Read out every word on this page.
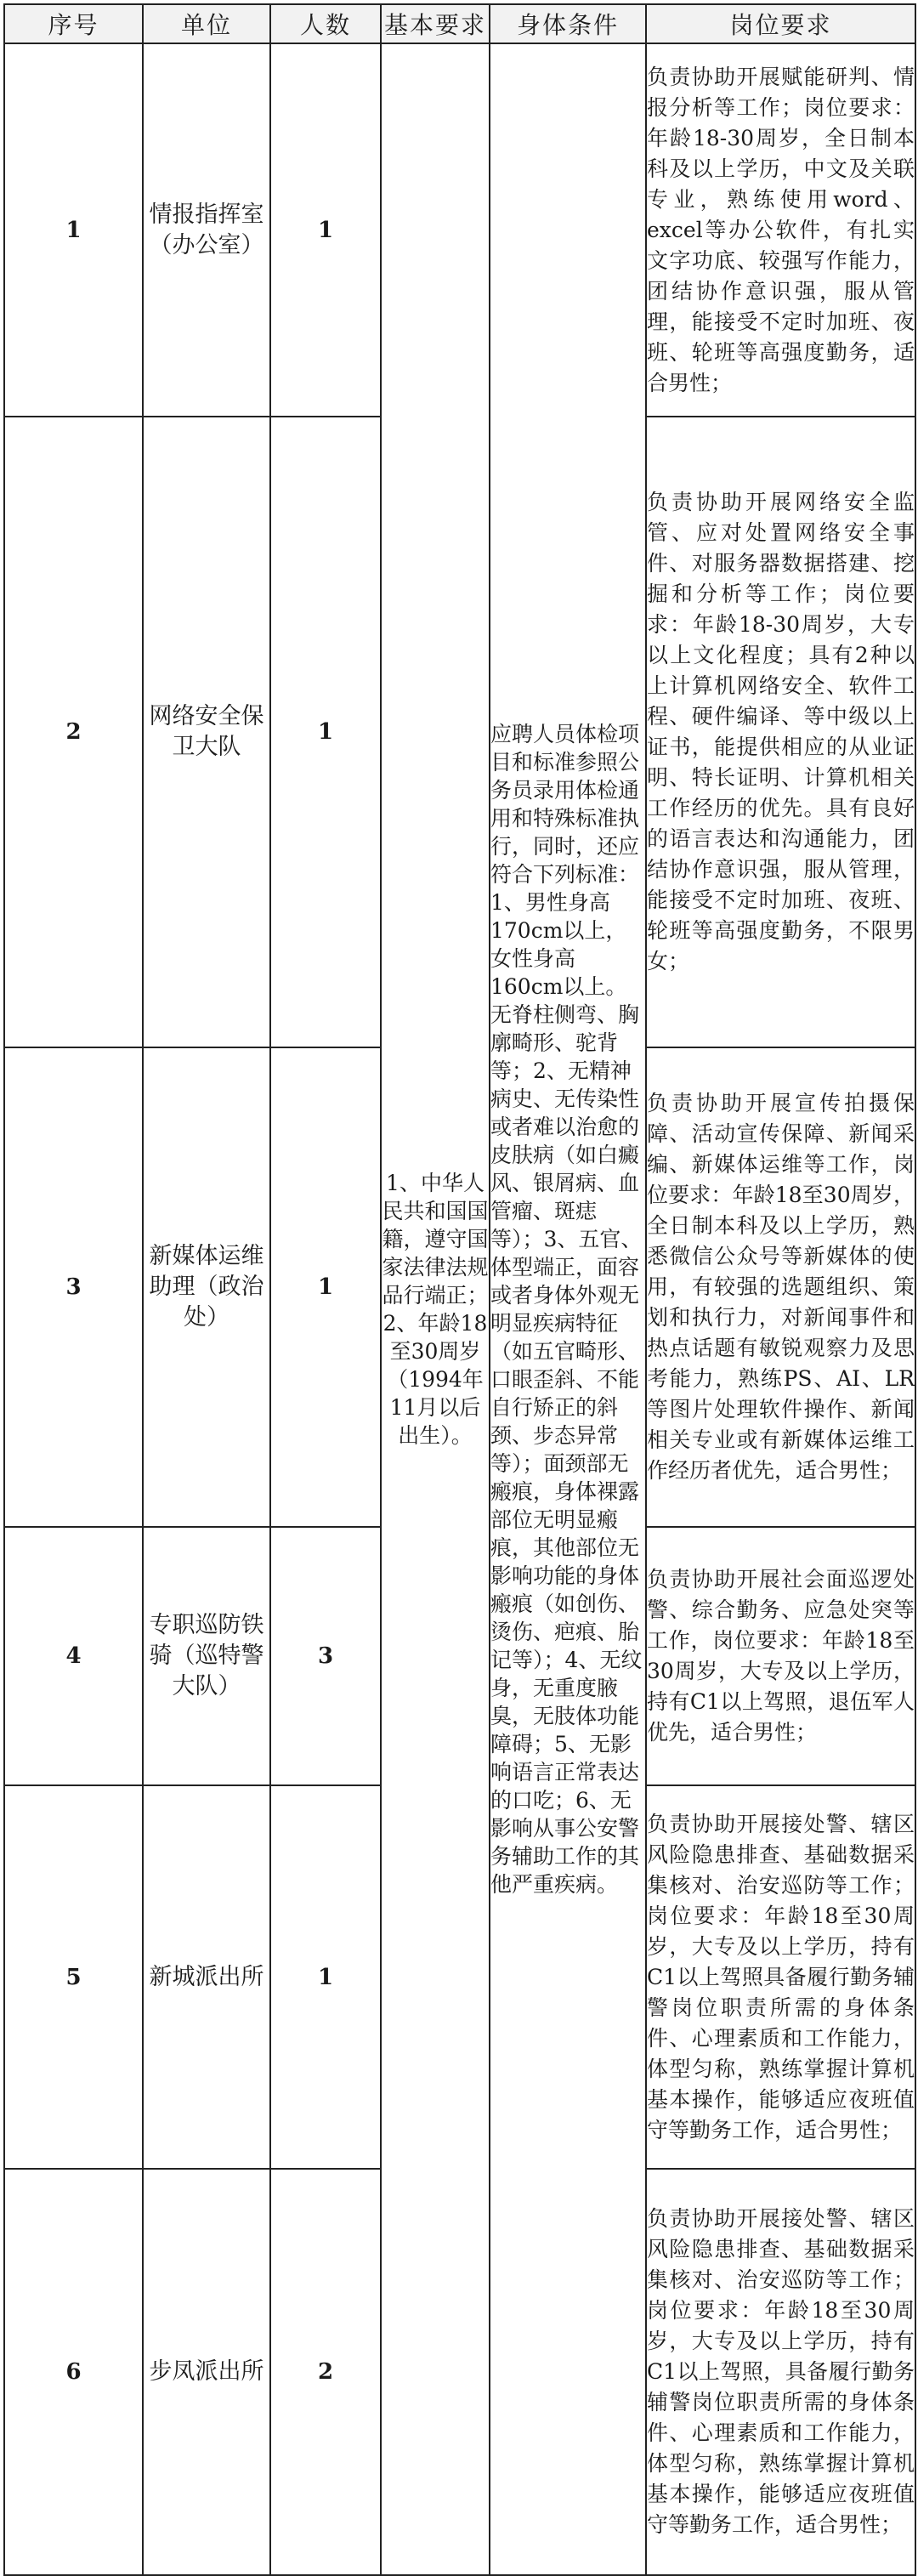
序号	单位	人数	基本要求	身体条件	岗位要求
1	情报指挥室（办公室）	1	1、中华人民共和国国籍，遵守国家法律法规品行端正；2、年龄18至30周岁（1994年11月以后出生）。	应聘人员体检项目和标准参照公务员录用体检通用和特殊标准执行，同时，还应符合下列标准：1、男性身高170cm以上，女性身高160cm以上。无脊柱侧弯、胸廓畸形、驼背等；2、无精神病史、无传染性或者难以治愈的皮肤病（如白癜风、银屑病、血管瘤、斑痣等）；3、五官、体型端正，面容或者身体外观无明显疾病特征（如五官畸形、口眼歪斜、不能自行矫正的斜颈、步态异常等）；面颈部无瘢痕，身体裸露部位无明显瘢痕，其他部位无影响功能的身体瘢痕（如创伤、烫伤、疤痕、胎记等）；4、无纹身，无重度腋臭，无肢体功能障碍；5、无影响语言正常表达的口吃；6、无影响从事公安警务辅助工作的其他严重疾病。	负责协助开展赋能研判、情报分析等工作；岗位要求：年龄18-30周岁，全日制本科及以上学历，中文及关联专业，熟练使用word、excel等办公软件，有扎实文字功底、较强写作能力，团结协作意识强，服从管理，能接受不定时加班、夜班、轮班等高强度勤务，适合男性；
2	网络安全保卫大队	1			负责协助开展网络安全监管、应对处置网络安全事件、对服务器数据搭建、挖掘和分析等工作；岗位要求：年龄18-30周岁，大专以上文化程度；具有2种以上计算机网络安全、软件工程、硬件编译、等中级以上证书，能提供相应的从业证明、特长证明、计算机相关工作经历的优先。具有良好的语言表达和沟通能力，团结协作意识强，服从管理，能接受不定时加班、夜班、轮班等高强度勤务，不限男女；
3	新媒体运维助理（政治处）	1			负责协助开展宣传拍摄保障、活动宣传保障、新闻采编、新媒体运维等工作，岗位要求：年龄18至30周岁，全日制本科及以上学历，熟悉微信公众号等新媒体的使用，有较强的选题组织、策划和执行力，对新闻事件和热点话题有敏锐观察力及思考能力，熟练PS、AI、LR等图片处理软件操作、新闻相关专业或有新媒体运维工作经历者优先，适合男性；
4	专职巡防铁骑（巡特警大队）	3			负责协助开展社会面巡逻处警、综合勤务、应急处突等工作，岗位要求：年龄18至30周岁，大专及以上学历，持有C1以上驾照，退伍军人优先，适合男性；
5	新城派出所	1			负责协助开展接处警、辖区风险隐患排查、基础数据采集核对、治安巡防等工作；岗位要求：年龄18至30周岁，大专及以上学历，持有C1以上驾照具备履行勤务辅警岗位职责所需的身体条件、心理素质和工作能力，体型匀称，熟练掌握计算机基本操作，能够适应夜班值守等勤务工作，适合男性；
6	步凤派出所	2			负责协助开展接处警、辖区风险隐患排查、基础数据采集核对、治安巡防等工作；岗位要求：年龄18至30周岁，大专及以上学历，持有C1以上驾照，具备履行勤务辅警岗位职责所需的身体条件、心理素质和工作能力，体型匀称，熟练掌握计算机基本操作，能够适应夜班值守等勤务工作，适合男性；
